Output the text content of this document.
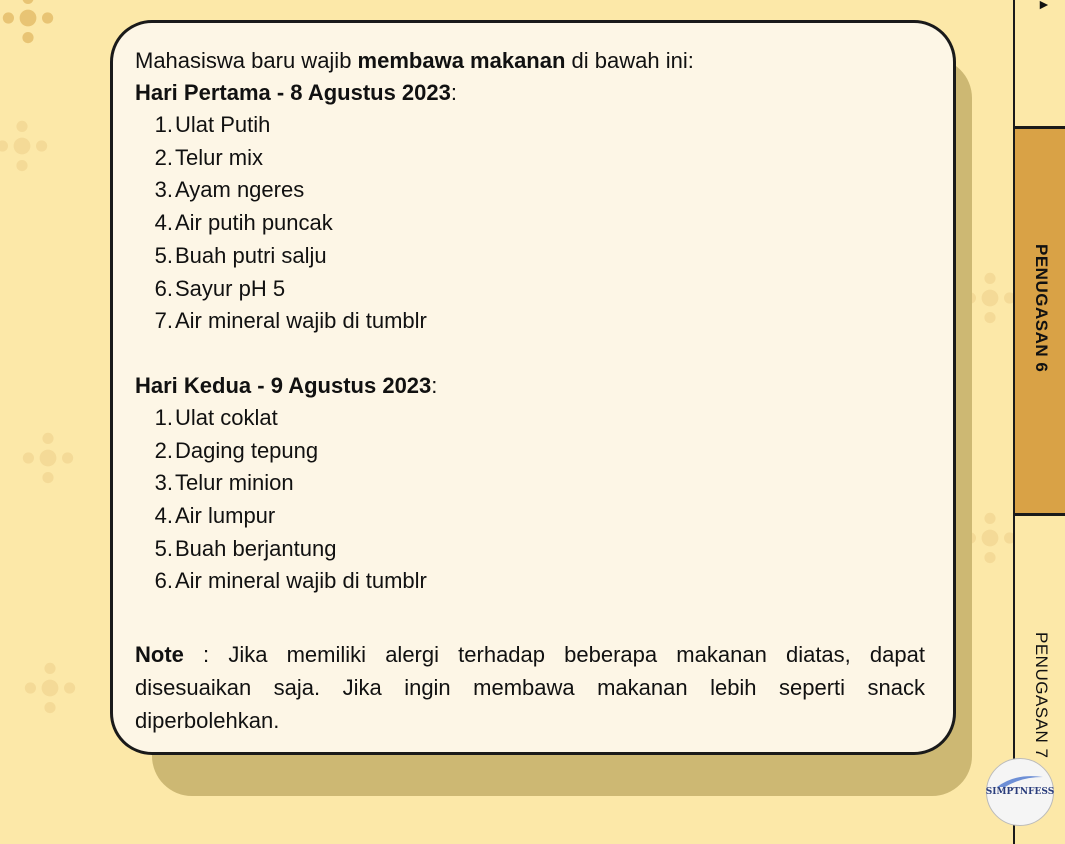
Mahasiswa baru wajib membawa makanan di bawah ini:
Hari Pertama - 8 Agustus 2023:
1. Ulat Putih
2. Telur mix
3. Ayam ngeres
4. Air putih puncak
5. Buah putri salju
6. Sayur pH 5
7. Air mineral wajib di tumblr
Hari Kedua - 9 Agustus 2023:
1. Ulat coklat
2. Daging tepung
3. Telur minion
4. Air lumpur
5. Buah berjantung
6. Air mineral wajib di tumblr
Note : Jika memiliki alergi terhadap beberapa makanan diatas, dapat disesuaikan saja. Jika ingin membawa makanan lebih seperti snack diperbolehkan.
►
PENUGASAN 6
PENUGASAN 7
SIMPTNFESS
